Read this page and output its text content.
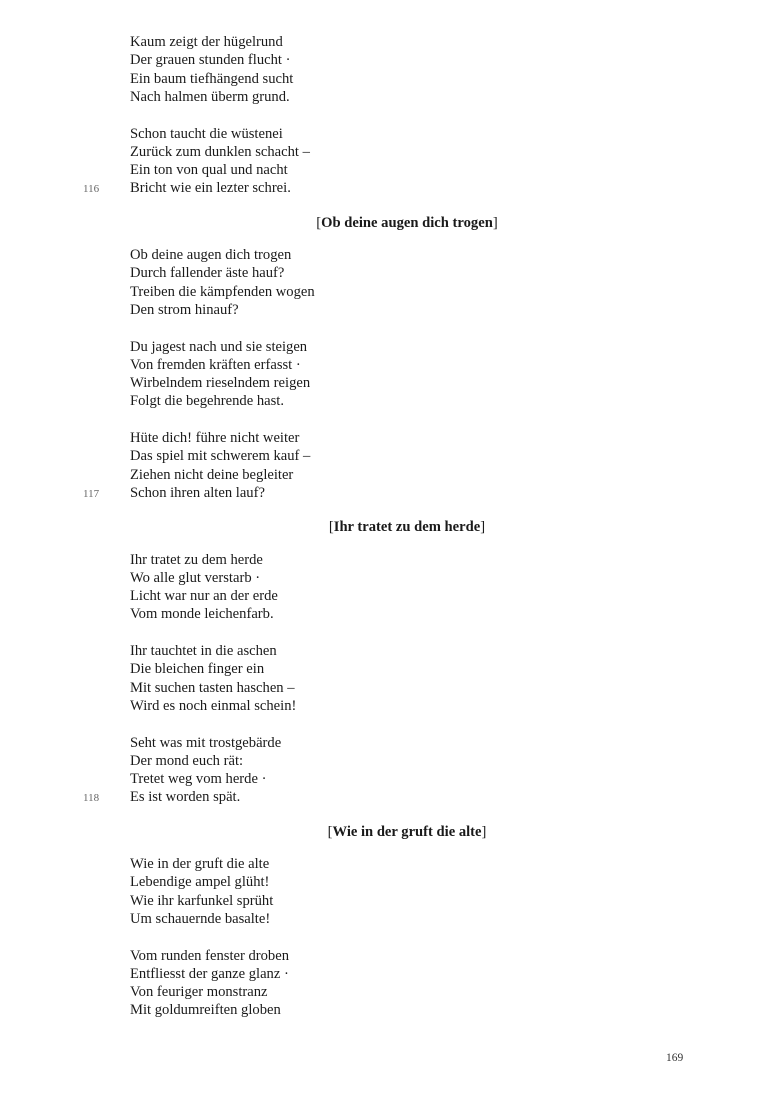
169
Kaum zeigt der hügelrund
Der grauen stunden flucht ·
Ein baum tiefhängend sucht
Nach halmen überm grund.
Schon taucht die wüstenei
Zurück zum dunklen schacht –
Ein ton von qual und nacht
Bricht wie ein lezter schrei.
116
[Ob deine augen dich trogen]
Ob deine augen dich trogen
Durch fallender äste hauf?
Treiben die kämpfenden wogen
Den strom hinauf?
Du jagest nach und sie steigen
Von fremden kräften erfasst ·
Wirbelndem rieselndem reigen
Folgt die begehrende hast.
Hüte dich! führe nicht weiter
Das spiel mit schwerem kauf –
Ziehen nicht deine begleiter
Schon ihren alten lauf?
117
[Ihr tratet zu dem herde]
Ihr tratet zu dem herde
Wo alle glut verstarb ·
Licht war nur an der erde
Vom monde leichenfarb.
Ihr tauchtet in die aschen
Die bleichen finger ein
Mit suchen tasten haschen –
Wird es noch einmal schein!
Seht was mit trostgebärde
Der mond euch rät:
Tretet weg vom herde ·
Es ist worden spät.
118
[Wie in der gruft die alte]
Wie in der gruft die alte
Lebendige ampel glüht!
Wie ihr karfunkel sprüht
Um schauernde basalte!
Vom runden fenster droben
Entfliesst der ganze glanz ·
Von feuriger monstranz
Mit goldumreiften globen
